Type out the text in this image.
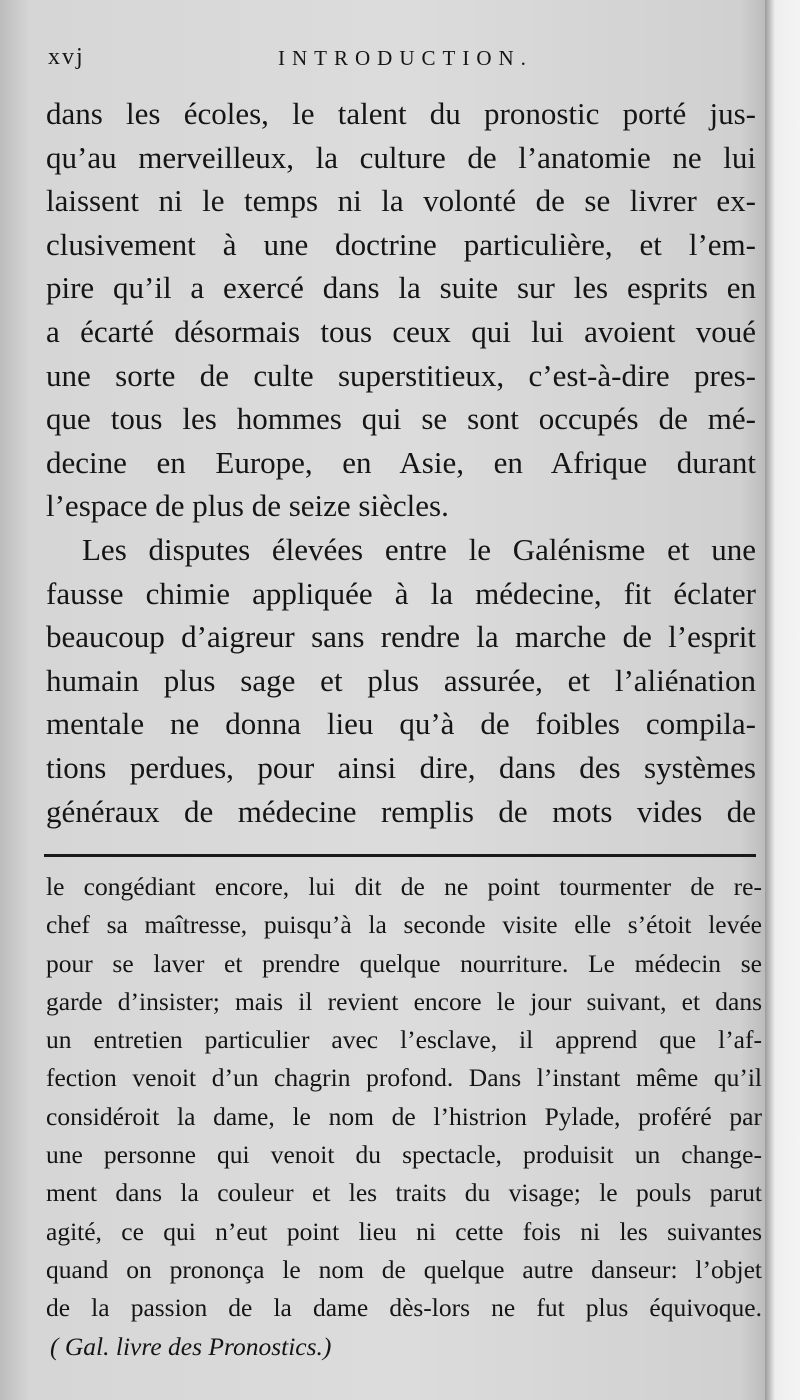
xvj	INTRODUCTION.
dans les écoles, le talent du pronostic porté jus-
qu’au merveilleux, la culture de l’anatomie ne lui
laissent ni le temps ni la volonté de se livrer ex-
clusivement à une doctrine particulière, et l’em-
pire qu’il a exercé dans la suite sur les esprits en
a écarté désormais tous ceux qui lui avoient voué
une sorte de culte superstitieux, c’est-à-dire pres-
que tous les hommes qui se sont occupés de mé-
decine en Europe, en Asie, en Afrique durant
l’espace de plus de seize siècles.
Les disputes élevées entre le Galénisme et une
fausse chimie appliquée à la médecine, fit éclater
beaucoup d’aigreur sans rendre la marche de l’esprit
humain plus sage et plus assurée, et l’aliénation
mentale ne donna lieu qu’à de foibles compila-
tions perdues, pour ainsi dire, dans des systèmes
généraux de médecine remplis de mots vides de
le congédiant encore, lui dit de ne point tourmenter de re-
chef sa maîtresse, puisqu’à la seconde visite elle s’étoit levée
pour se laver et prendre quelque nourriture. Le médecin se
garde d’insister; mais il revient encore le jour suivant, et dans
un entretien particulier avec l’esclave, il apprend que l’af-
fection venoit d’un chagrin profond. Dans l’instant même qu’il
considéroit la dame, le nom de l’histrion Pylade, proféré par
une personne qui venoit du spectacle, produisit un change-
ment dans la couleur et les traits du visage; le pouls parut
agité, ce qui n’eut point lieu ni cette fois ni les suivantes
quand on prononça le nom de quelque autre danseur: l’objet
de la passion de la dame dès-lors ne fut plus équivoque.
( Gal. livre des Pronostics.)
